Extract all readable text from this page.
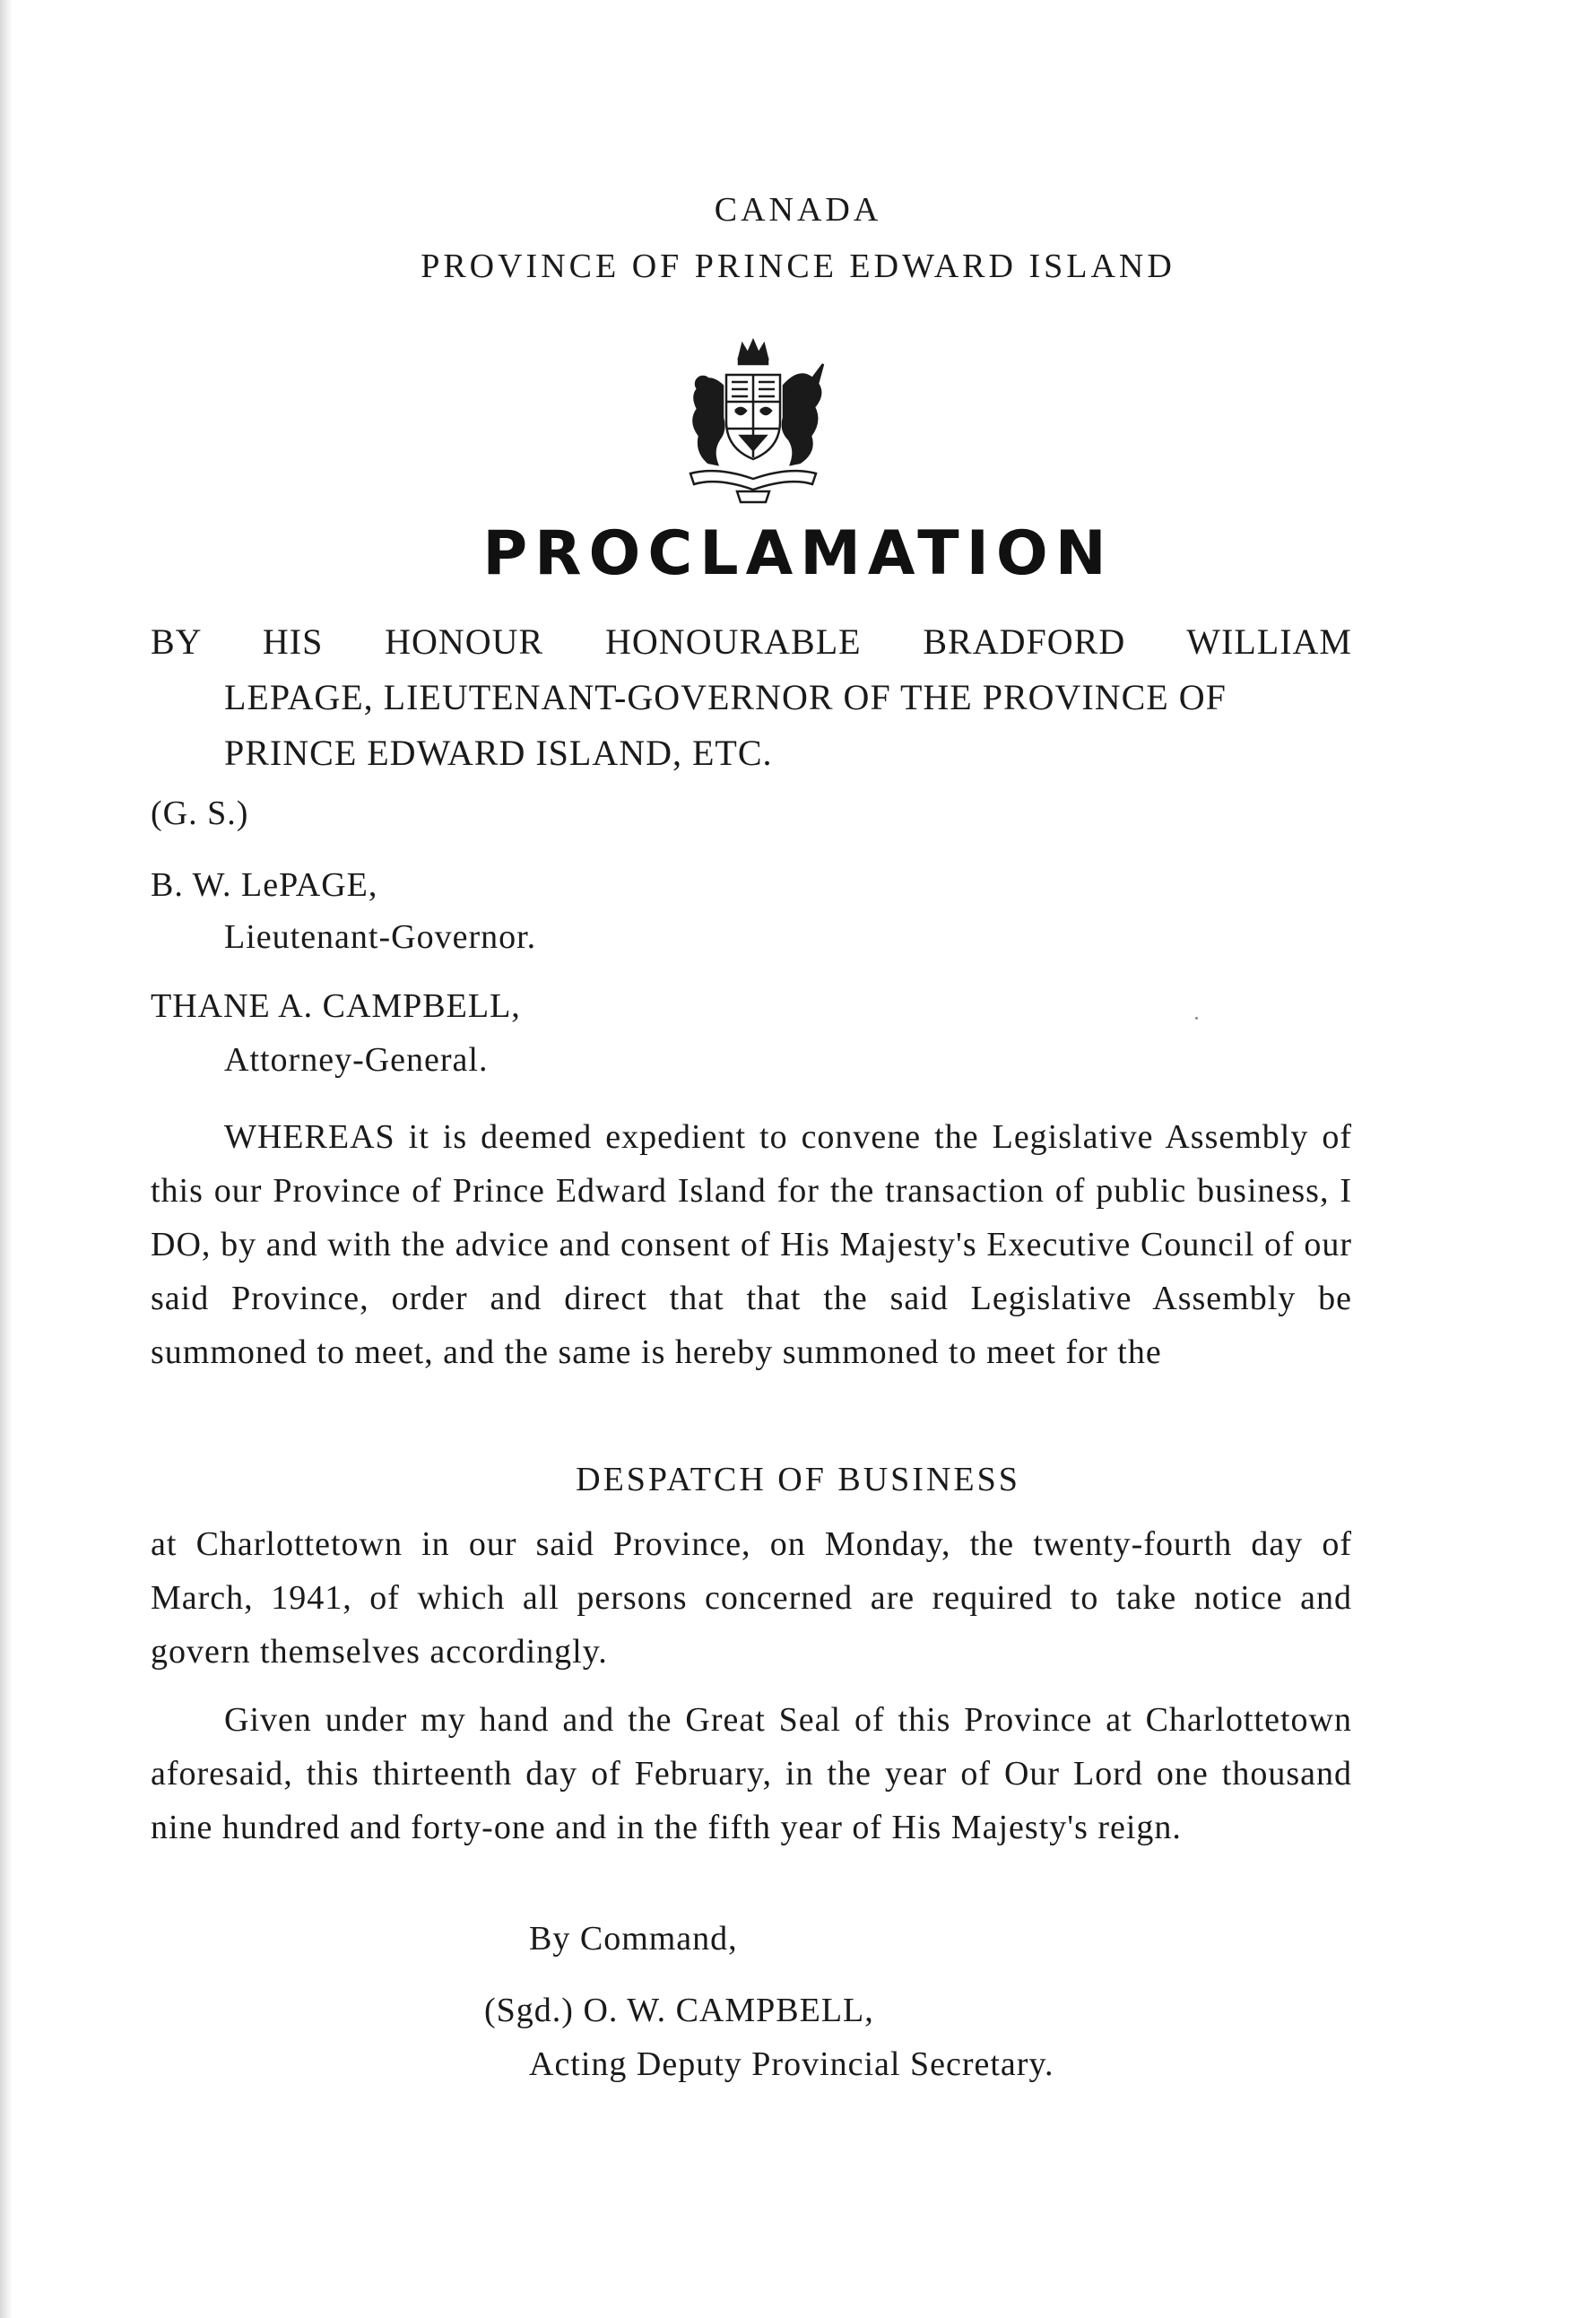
CANADA
PROVINCE OF PRINCE EDWARD ISLAND
PROCLAMATION
BY HIS HONOUR HONOURABLE BRADFORD WILLIAM
LEPAGE, LIEUTENANT-GOVERNOR OF THE PROVINCE OF PRINCE EDWARD ISLAND, ETC.
(G. S.)
B. W. LePAGE,
Lieutenant-Governor.
THANE A. CAMPBELL,
Attorney-General.

WHEREAS it is deemed expedient to convene the Legislative Assembly of this our Province of Prince Edward Island for the transaction of public business, I DO, by and with the advice and consent of His Majesty's Executive Council of our said Province, order and direct that that the said Legislative Assembly be summoned to meet, and the same is hereby summoned to meet for the

DESPATCH OF BUSINESS

at Charlottetown in our said Province, on Monday, the twenty-fourth day of March, 1941, of which all persons concerned are required to take notice and govern themselves accordingly.

Given under my hand and the Great Seal of this Province at Charlottetown aforesaid, this thirteenth day of February, in the year of Our Lord one thousand nine hundred and forty-one and in the fifth year of His Majesty's reign.

By Command,
(Sgd.) O. W. CAMPBELL,
Acting Deputy Provincial Secretary.
